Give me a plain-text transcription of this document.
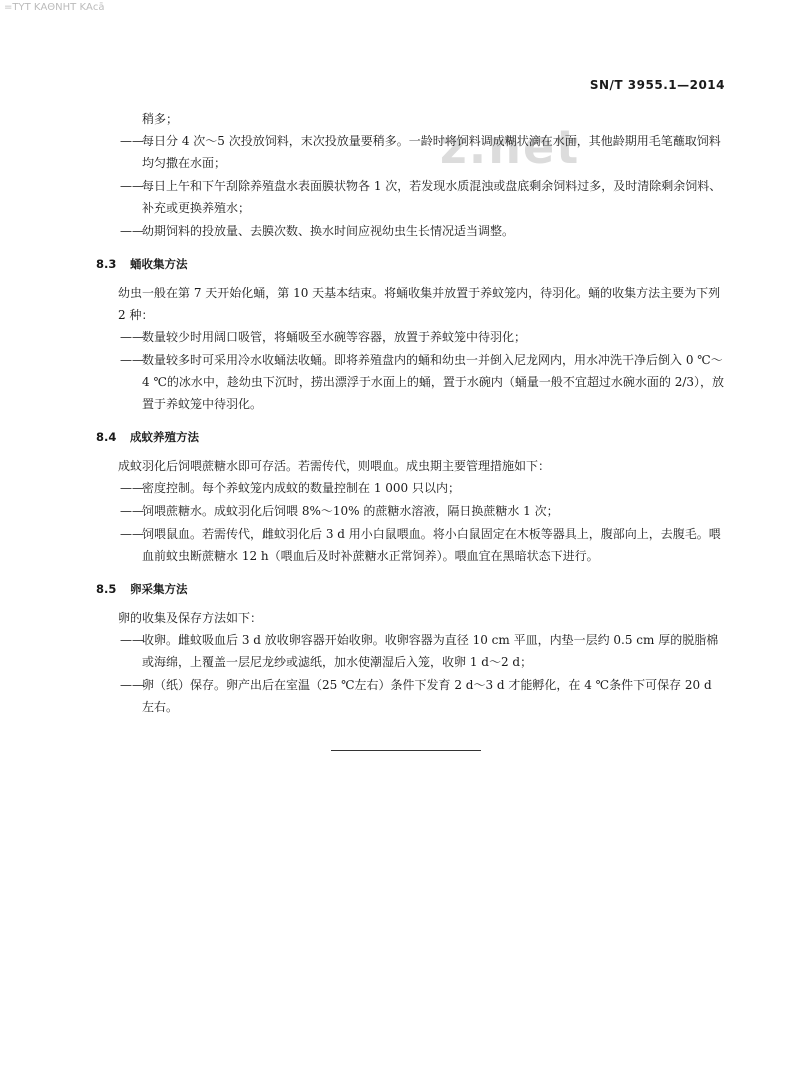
=ΤΥΤ ΚΑΘΝΗΤ ΚΑcā
SN/T 3955.1—2014
z.net
稍多；
——
每日分 4 次～5 次投放饲料，末次投放量要稍多。一龄时将饲料调成糊状滴在水面，其他龄期用毛笔蘸取饲料均匀撒在水面；
——
每日上午和下午刮除养殖盘水表面膜状物各 1 次，若发现水质混浊或盘底剩余饲料过多，及时清除剩余饲料、补充或更换养殖水；
——
幼期饲料的投放量、去膜次数、换水时间应视幼虫生长情况适当调整。
8.3 蛹收集方法
幼虫一般在第 7 天开始化蛹，第 10 天基本结束。将蛹收集并放置于养蚊笼内，待羽化。蛹的收集方法主要为下列 2 种：
——
数量较少时用阔口吸管，将蛹吸至水碗等容器，放置于养蚊笼中待羽化；
——
数量较多时可采用冷水收蛹法收蛹。即将养殖盘内的蛹和幼虫一并倒入尼龙网内，用水冲洗干净后倒入 0 ℃～4 ℃的冰水中，趁幼虫下沉时，捞出漂浮于水面上的蛹，置于水碗内（蛹量一般不宜超过水碗水面的 2/3），放置于养蚊笼中待羽化。
8.4 成蚊养殖方法
成蚊羽化后饲喂蔗糖水即可存活。若需传代，则喂血。成虫期主要管理措施如下：
——
密度控制。每个养蚊笼内成蚊的数量控制在 1 000 只以内；
——
饲喂蔗糖水。成蚊羽化后饲喂 8%～10% 的蔗糖水溶液，隔日换蔗糖水 1 次；
——
饲喂鼠血。若需传代，雌蚊羽化后 3 d 用小白鼠喂血。将小白鼠固定在木板等器具上，腹部向上，去腹毛。喂血前蚊虫断蔗糖水 12 h（喂血后及时补蔗糖水正常饲养）。喂血宜在黑暗状态下进行。
8.5 卵采集方法
卵的收集及保存方法如下：
——
收卵。雌蚊吸血后 3 d 放收卵容器开始收卵。收卵容器为直径 10 cm 平皿，内垫一层约 0.5 cm 厚的脱脂棉或海绵，上覆盖一层尼龙纱或滤纸，加水使潮湿后入笼，收卵 1 d～2 d；
——
卵（纸）保存。卵产出后在室温（25 ℃左右）条件下发育 2 d～3 d 才能孵化，在 4 ℃条件下可保存 20 d 左右。
